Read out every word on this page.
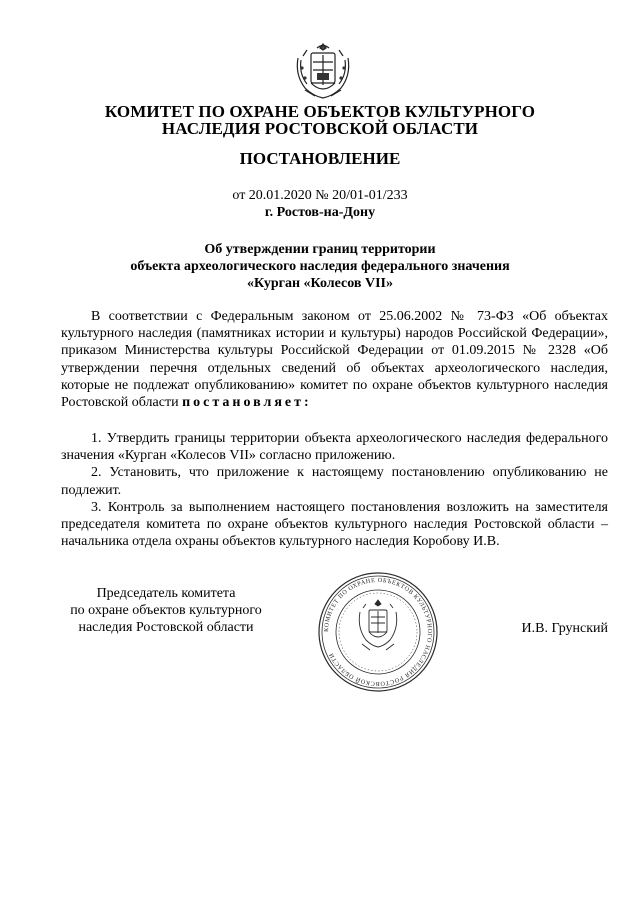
КОМИТЕТ ПО ОХРАНЕ ОБЪЕКТОВ КУЛЬТУРНОГО
НАСЛЕДИЯ РОСТОВСКОЙ ОБЛАСТИ
ПОСТАНОВЛЕНИЕ
от 20.01.2020 № 20/01-01/233
г. Ростов-на-Дону
Об утверждении границ территории
объекта археологического наследия федерального значения
«Курган «Колесов VII»

В соответствии с Федеральным законом от 25.06.2002 № 73-ФЗ «Об объектах культурного наследия (памятниках истории и культуры) народов Российской Федерации», приказом Министерства культуры Российской Федерации от 01.09.2015 № 2328 «Об утверждении перечня отдельных сведений об объектах археологического наследия, которые не подлежат опубликованию» комитет по охране объектов культурного наследия Ростовской области постановляет:

1. Утвердить границы территории объекта археологического наследия федерального значения «Курган «Колесов VII» согласно приложению.

2. Установить, что приложение к настоящему постановлению опубликованию не подлежит.

3. Контроль за выполнением настоящего постановления возложить на заместителя председателя комитета по охране объектов культурного наследия Ростовской области – начальника отдела охраны объектов культурного наследия Коробову И.В.

Председатель комитета
по охране объектов культурного
наследия Ростовской области	КОМИТЕТ ПО ОХРАНЕ ОБЪЕКТОВ КУЛЬТУРНОГО НАСЛЕДИЯ РОСТОВСКОЙ ОБЛАСТИ
И.В. Грунский
